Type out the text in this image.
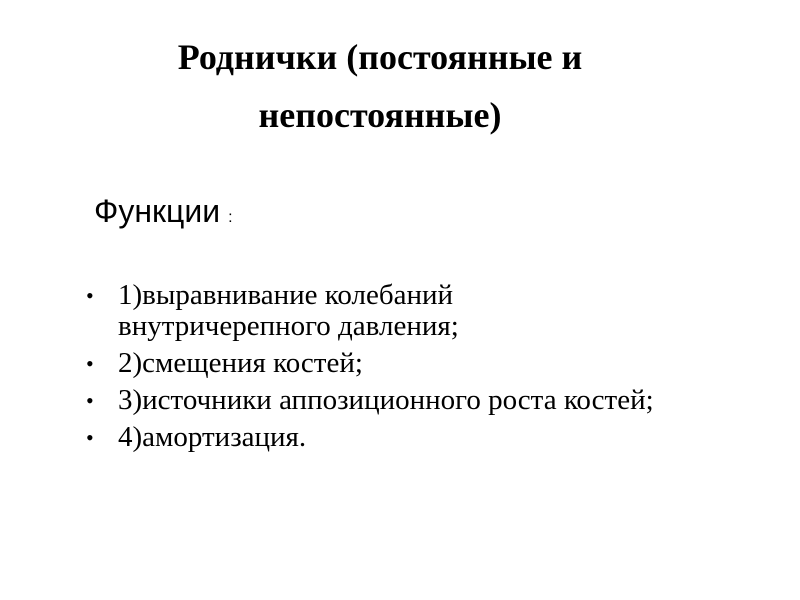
Роднички (постоянные и непостоянные)
Функции :
• 1)выравнивание колебаний внутричерепного давления;
• 2)смещения костей;
• 3)источники аппозиционного роста костей;
• 4)амортизация.
